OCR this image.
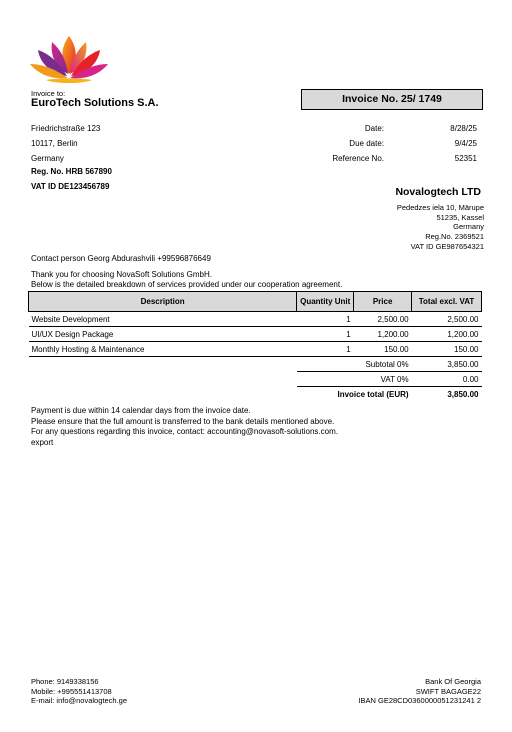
Invoice to:
EuroTech Solutions S.A.
Friedrichstraße 123
10117, Berlin
Germany
Reg. No. HRB 567890
VAT ID DE123456789
Invoice No. 25/ 1749
Date:	8/28/25
Due date:	9/4/25
Reference No.	52351
Novalogtech LTD
Pededzes iela 10, Mārupe
51235, Kassel
Germany
Reg.No. 2369521
VAT ID GE987654321
Contact person Georg Abdurashvili +99596876649
Thank you for choosing NovaSoft Solutions GmbH.
Below is the detailed breakdown of services provided under our cooperation agreement.
Description	Quantity Unit	Price	Total excl. VAT
Website Development	1	2,500.00	2,500.00
UI/UX Design Package	1	1,200.00	1,200.00
Monthly Hosting & Maintenance	1	150.00	150.00
	Subtotal 0%		3,850.00
	VAT 0%		0.00
	Invoice total (EUR)		3,850.00
Payment is due within 14 calendar days from the invoice date.
Please ensure that the full amount is transferred to the bank details mentioned above.
For any questions regarding this invoice, contact: accounting@novasoft-solutions.com.
export
Phone: 9149338156
Mobile: +995551413708
E-mail: info@novalogtech.ge
Bank Of Georgia
SWIFT BAGAGE22
IBAN GE28CD0360000051231241 2
